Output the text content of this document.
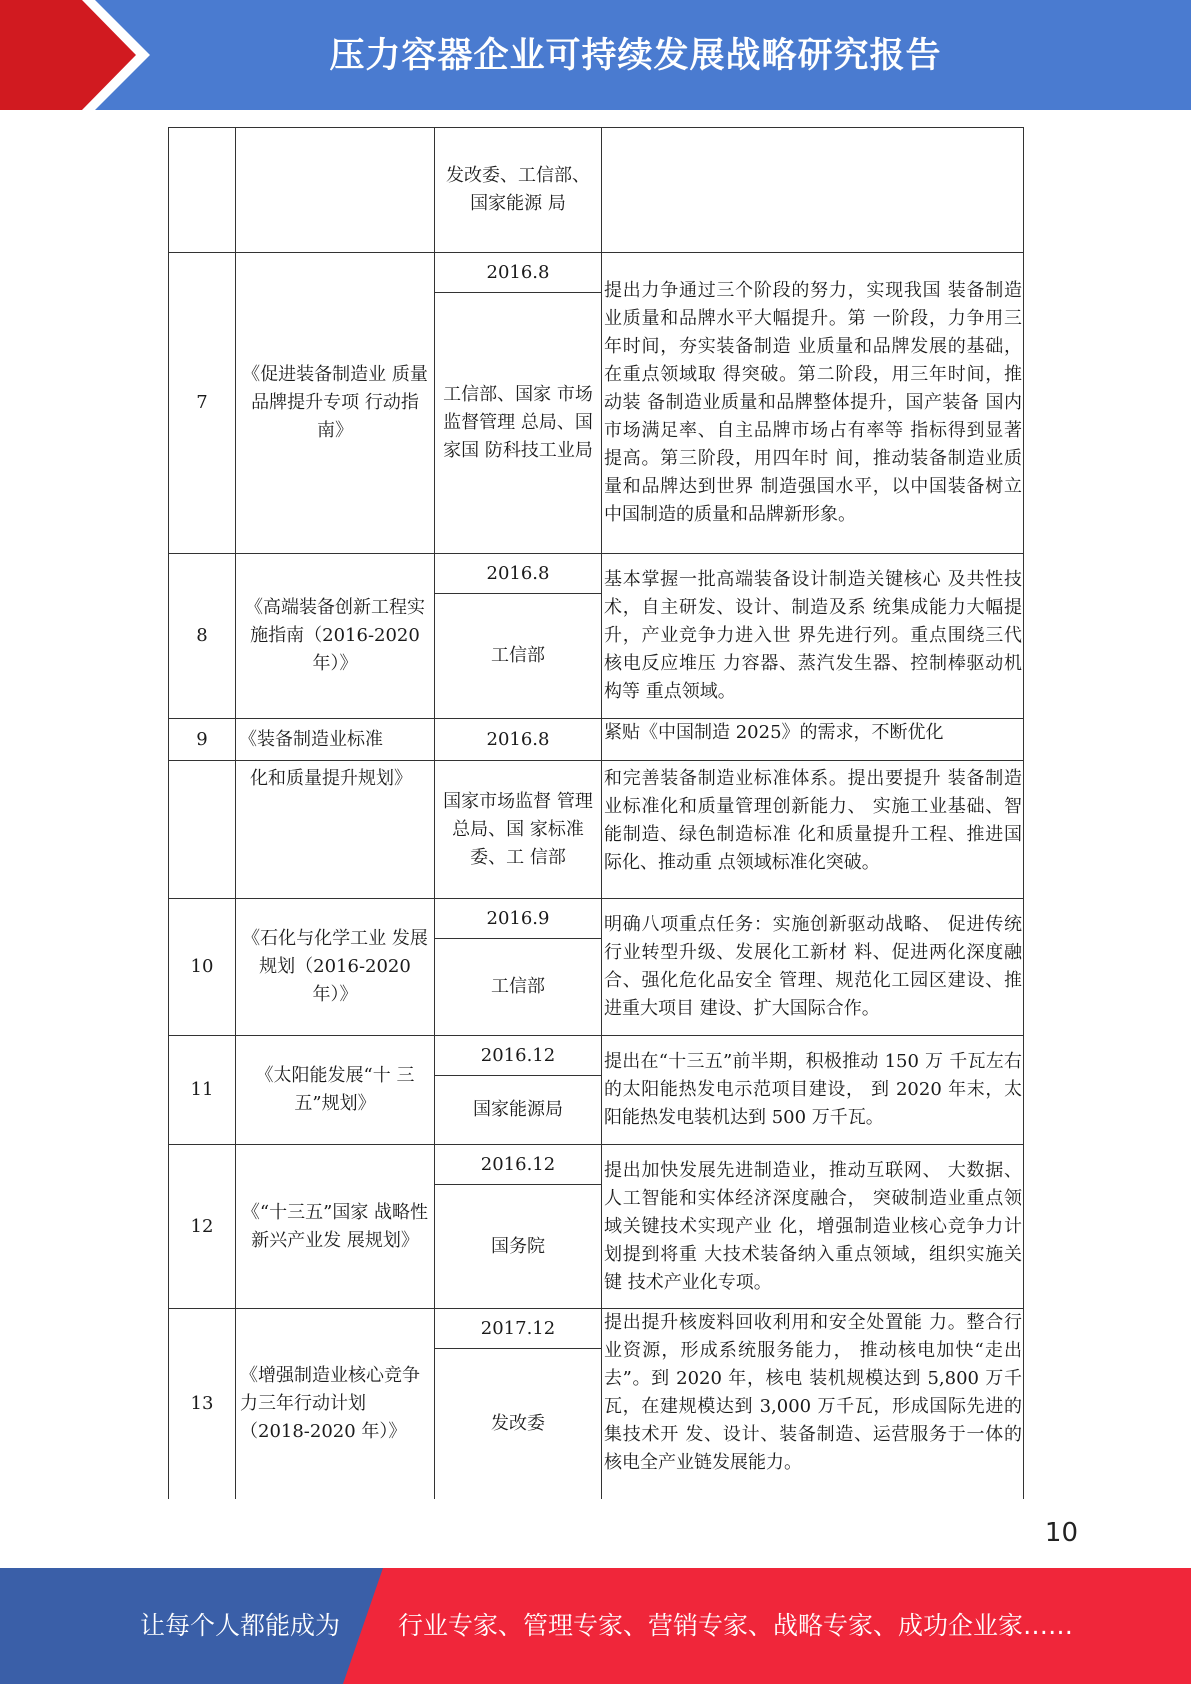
压力容器企业可持续发展战略研究报告
		发改委、工信部、国家能源 局	
7	《促进装备制造业 质量品牌提升专项 行动指南》	2016.8	提出力争通过三个阶段的努力，实现我国 装备制造业质量和品牌水平大幅提升。第 一阶段，力争用三年时间，夯实装备制造 业质量和品牌发展的基础，在重点领域取 得突破。第二阶段，用三年时间，推动装 备制造业质量和品牌整体提升，国产装备 国内市场满足率、自主品牌市场占有率等 指标得到显著提高。第三阶段，用四年时 间，推动装备制造业质量和品牌达到世界 制造强国水平，以中国装备树立中国制造的质量和品牌新形象。
		工信部、国家 市场监督管理 总局、国家国 防科技工业局	
8	《高端装备创新工程实施指南（2016-2020 年）》	2016.8	基本掌握一批高端装备设计制造关键核心 及共性技术，自主研发、设计、制造及系 统集成能力大幅提升，产业竞争力进入世 界先进行列。重点围绕三代核电反应堆压 力容器、蒸汽发生器、控制棒驱动机构等 重点领域。
		工信部	
9	《装备制造业标准	2016.8	紧贴《中国制造 2025》的需求，不断优化
	化和质量提升规划》	国家市场监督 管理总局、国 家标准委、工 信部	和完善装备制造业标准体系。提出要提升 装备制造业标准化和质量管理创新能力、 实施工业基础、智能制造、绿色制造标准 化和质量提升工程、推进国际化、推动重 点领域标准化突破。
10	《石化与化学工业 发展规划（2016-2020 年）》	2016.9	明确八项重点任务：实施创新驱动战略、 促进传统行业转型升级、发展化工新材 料、促进两化深度融合、强化危化品安全 管理、规范化工园区建设、推进重大项目 建设、扩大国际合作。
		工信部	
11	《太阳能发展“十 三五”规划》	2016.12	提出在“十三五”前半期，积极推动 150 万 千瓦左右的太阳能热发电示范项目建设， 到 2020 年末，太阳能热发电装机达到 500 万千瓦。
		国家能源局	
12	《“十三五”国家 战略性新兴产业发 展规划》	2016.12	提出加快发展先进制造业，推动互联网、 大数据、人工智能和实体经济深度融合， 突破制造业重点领域关键技术实现产业 化，增强制造业核心竞争力计划提到将重 大技术装备纳入重点领域，组织实施关键 技术产业化专项。
		国务院	
13	《增强制造业核心竞争力三年行动计划（2018-2020 年）》	2017.12	提出提升核废料回收利用和安全处置能 力。整合行业资源，形成系统服务能力， 推动核电加快“走出去”。到 2020 年，核电 装机规模达到 5,800 万千瓦，在建规模达到 3,000 万千瓦，形成国际先进的集技术开 发、设计、装备制造、运营服务于一体的 核电全产业链发展能力。
		发改委	
10
让每个人都能成为 行业专家、管理专家、营销专家、战略专家、成功企业家……
